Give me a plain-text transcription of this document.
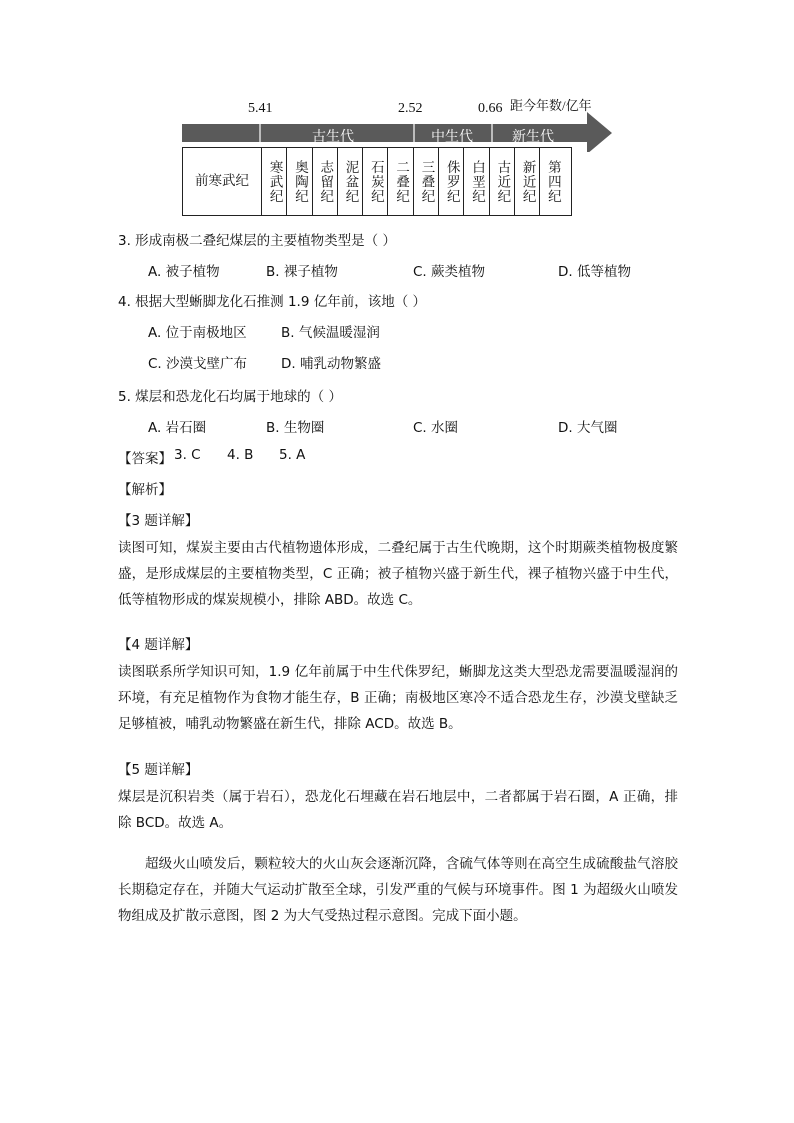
5.41	2.52	0.66 距今年数/亿年
古生代	中生代	新生代
前寒武纪	寒武纪 奥陶纪 志留纪 泥盆纪 石炭纪 二叠纪 三叠纪 侏罗纪 白垩纪 古近纪 新近纪 第四纪
3. 形成南极二叠纪煤层的主要植物类型是（ ）
A. 被子植物	B. 裸子植物	C. 蕨类植物	D. 低等植物
4. 根据大型蜥脚龙化石推测 1.9 亿年前，该地（ ）
A. 位于南极地区	B. 气候温暖湿润
C. 沙漠戈壁广布	D. 哺乳动物繁盛
5. 煤层和恐龙化石均属于地球的（ ）
A. 岩石圈	B. 生物圈	C. 水圈	D. 大气圈
【答案】 3. C 4. B 5. A
【解析】
【3 题详解】
读图可知，煤炭主要由古代植物遗体形成，二叠纪属于古生代晚期，这个时期蕨类植物极度繁盛，是形成煤层的主要植物类型，C 正确；被子植物兴盛于新生代，裸子植物兴盛于中生代，低等植物形成的煤炭规模小，排除 ABD。故选 C。
【4 题详解】
读图联系所学知识可知，1.9 亿年前属于中生代侏罗纪，蜥脚龙这类大型恐龙需要温暖湿润的环境，有充足植物作为食物才能生存，B 正确；南极地区寒冷不适合恐龙生存，沙漠戈壁缺乏足够植被，哺乳动物繁盛在新生代，排除 ACD。故选 B。
【5 题详解】
煤层是沉积岩类（属于岩石），恐龙化石埋藏在岩石地层中，二者都属于岩石圈，A 正确，排除 BCD。故选 A。
超级火山喷发后，颗粒较大的火山灰会逐渐沉降，含硫气体等则在高空生成硫酸盐气溶胶长期稳定存在，并随大气运动扩散至全球，引发严重的气候与环境事件。图 1 为超级火山喷发物组成及扩散示意图，图 2 为大气受热过程示意图。完成下面小题。
